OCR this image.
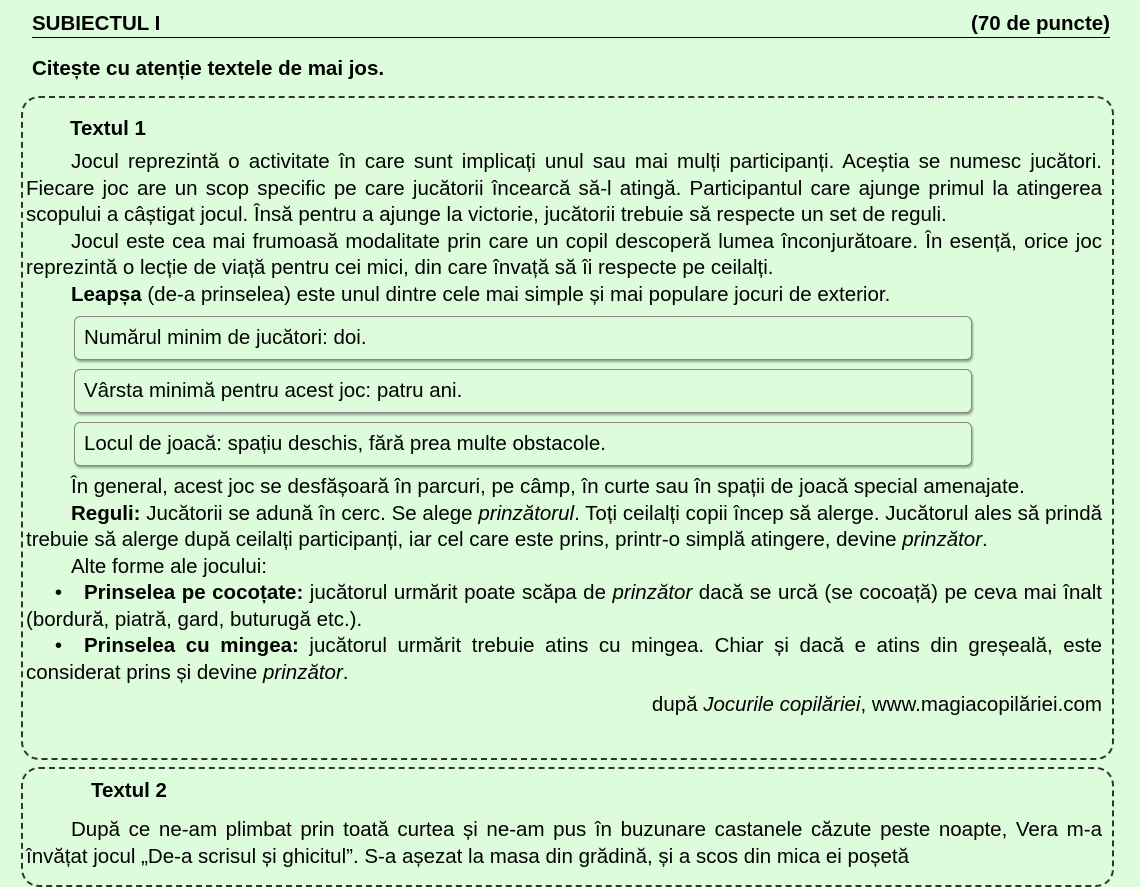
SUBIECTUL I	(70 de puncte)
Citește cu atenție textele de mai jos.
Textul 1

Jocul reprezintă o activitate în care sunt implicați unul sau mai mulți participanți. Aceștia se numesc jucători. Fiecare joc are un scop specific pe care jucătorii încearcă să-l atingă. Participantul care ajunge primul la atingerea scopului a câștigat jocul. Însă pentru a ajunge la victorie, jucătorii trebuie să respecte un set de reguli.

Jocul este cea mai frumoasă modalitate prin care un copil descoperă lumea înconjurătoare. În esență, orice joc reprezintă o lecție de viață pentru cei mici, din care învață să îi respecte pe ceilalți.

Leapșa (de-a prinselea) este unul dintre cele mai simple și mai populare jocuri de exterior.

Numărul minim de jucători: doi.
Vârsta minimă pentru acest joc: patru ani.
Locul de joacă: spațiu deschis, fără prea multe obstacole.

În general, acest joc se desfășoară în parcuri, pe câmp, în curte sau în spații de joacă special amenajate.

Reguli: Jucătorii se adună în cerc. Se alege prinzătorul. Toți ceilalți copii încep să alerge. Jucătorul ales să prindă trebuie să alerge după ceilalți participanți, iar cel care este prins, printr-o simplă atingere, devine prinzător.

Alte forme ale jocului:

•Prinselea pe cocoțate: jucătorul urmărit poate scăpa de prinzător dacă se urcă (se cocoață) pe ceva mai înalt (bordură, piatră, gard, buturugă etc.).

•Prinselea cu mingea: jucătorul urmărit trebuie atins cu mingea. Chiar și dacă e atins din greșeală, este considerat prins și devine prinzător.

după Jocurile copilăriei, www.magiacopilăriei.com

Textul 2

După ce ne-am plimbat prin toată curtea și ne-am pus în buzunare castanele căzute peste noapte, Vera m-a învățat jocul „De-a scrisul și ghicitul”. S-a așezat la masa din grădină, și a scos din mica ei poșetă
